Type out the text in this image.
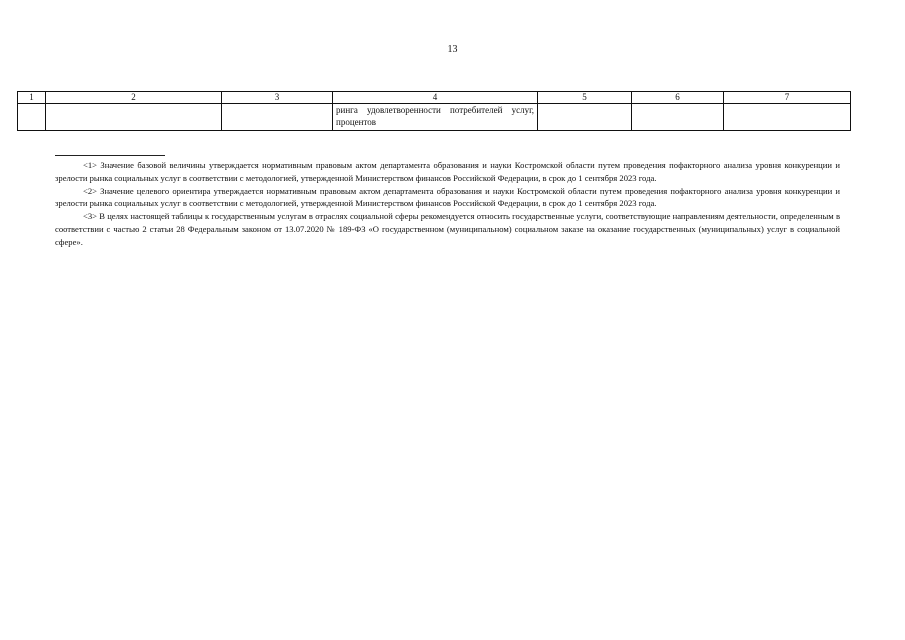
13
1	2	3	4	5	6	7
			ринга удовлетворенности потребителей услуг, процентов			

<1> Значение базовой величины утверждается нормативным правовым актом департамента образования и науки Костромской области путем проведения пофакторного анализа уровня конкуренции и зрелости рынка социальных услуг в соответствии с методологией, утвержденной Министерством финансов Российской Федерации, в срок до 1 сентября 2023 года.

<2> Значение целевого ориентира утверждается нормативным правовым актом департамента образования и науки Костромской области путем проведения пофакторного анализа уровня конкуренции и зрелости рынка социальных услуг в соответствии с методологией, утвержденной Министерством финансов Российской Федерации, в срок до 1 сентября 2023 года.

<3> В целях настоящей таблицы к государственным услугам в отраслях социальной сферы рекомендуется относить государственные услуги, соответствующие направлениям деятельности, определенным в соответствии с частью 2 статьи 28 Федеральным законом от 13.07.2020 № 189-ФЗ «О государственном (муниципальном) социальном заказе на оказание государственных (муниципальных) услуг в социальной сфере».
